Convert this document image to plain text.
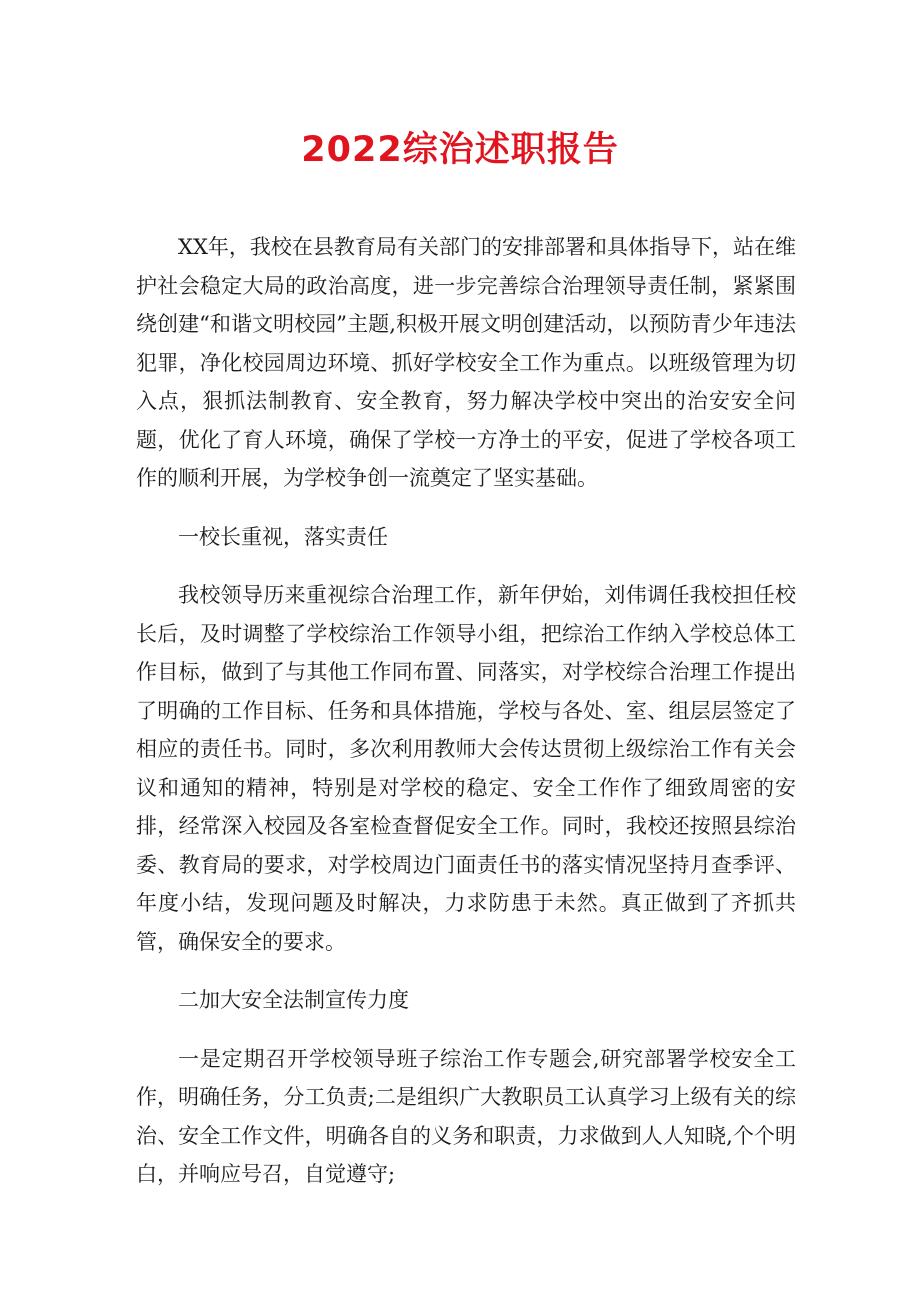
2022综治述职报告

XX年，我校在县教育局有关部门的安排部署和具体指导下，站在维护社会稳定大局的政治高度，进一步完善综合治理领导责任制，紧紧围绕创建“和谐文明校园”主题,积极开展文明创建活动，以预防青少年违法犯罪，净化校园周边环境、抓好学校安全工作为重点。以班级管理为切入点，狠抓法制教育、安全教育，努力解决学校中突出的治安安全问题，优化了育人环境，确保了学校一方净土的平安，促进了学校各项工作的顺利开展，为学校争创一流奠定了坚实基础。

一校长重视，落实责任

我校领导历来重视综合治理工作，新年伊始，刘伟调任我校担任校长后，及时调整了学校综治工作领导小组，把综治工作纳入学校总体工作目标，做到了与其他工作同布置、同落实，对学校综合治理工作提出了明确的工作目标、任务和具体措施，学校与各处、室、组层层签定了相应的责任书。同时，多次利用教师大会传达贯彻上级综治工作有关会议和通知的精神，特别是对学校的稳定、安全工作作了细致周密的安排，经常深入校园及各室检查督促安全工作。同时，我校还按照县综治委、教育局的要求，对学校周边门面责任书的落实情况坚持月查季评、年度小结，发现问题及时解决，力求防患于未然。真正做到了齐抓共管，确保安全的要求。

二加大安全法制宣传力度

一是定期召开学校领导班子综治工作专题会,研究部署学校安全工作，明确任务，分工负责;二是组织广大教职员工认真学习上级有关的综治、安全工作文件，明确各自的义务和职责，力求做到人人知晓,个个明白，并响应号召，自觉遵守;
